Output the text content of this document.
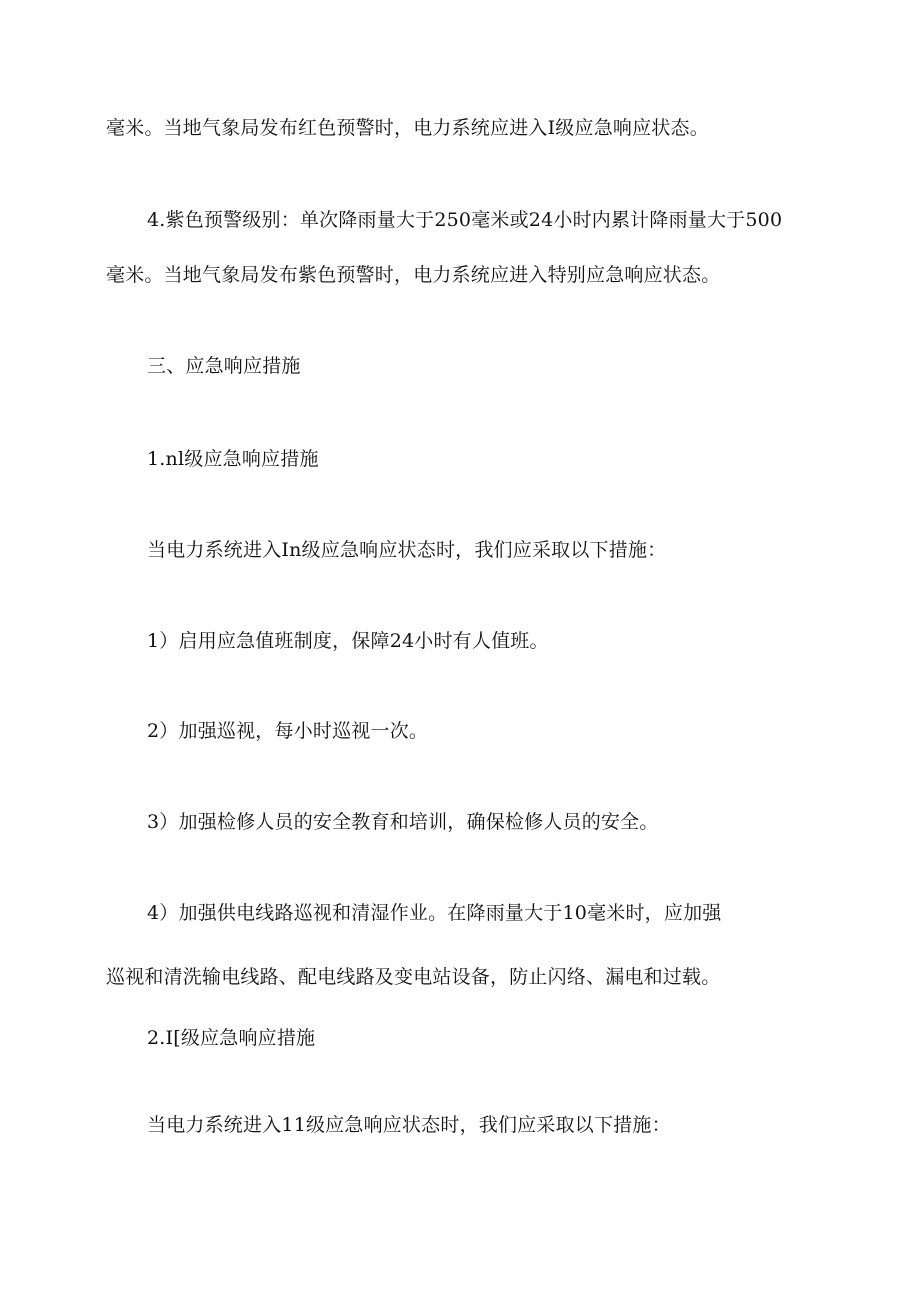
毫米。当地气象局发布红色预警时，电力系统应进入Ⅰ级应急响应状态。
4.紫色预警级别：单次降雨量大于250毫米或24小时内累计降雨量大于500
毫米。当地气象局发布紫色预警时，电力系统应进入特别应急响应状态。
三、应急响应措施
1.nl级应急响应措施
当电力系统进入In级应急响应状态时，我们应采取以下措施：
1）启用应急值班制度，保障24小时有人值班。
2）加强巡视，每小时巡视一次。
3）加强检修人员的安全教育和培训，确保检修人员的安全。
4）加强供电线路巡视和清湿作业。在降雨量大于10毫米时，应加强
巡视和清洗输电线路、配电线路及变电站设备，防止闪络、漏电和过载。
2.Ⅰ[级应急响应措施
当电力系统进入11级应急响应状态时，我们应采取以下措施：
